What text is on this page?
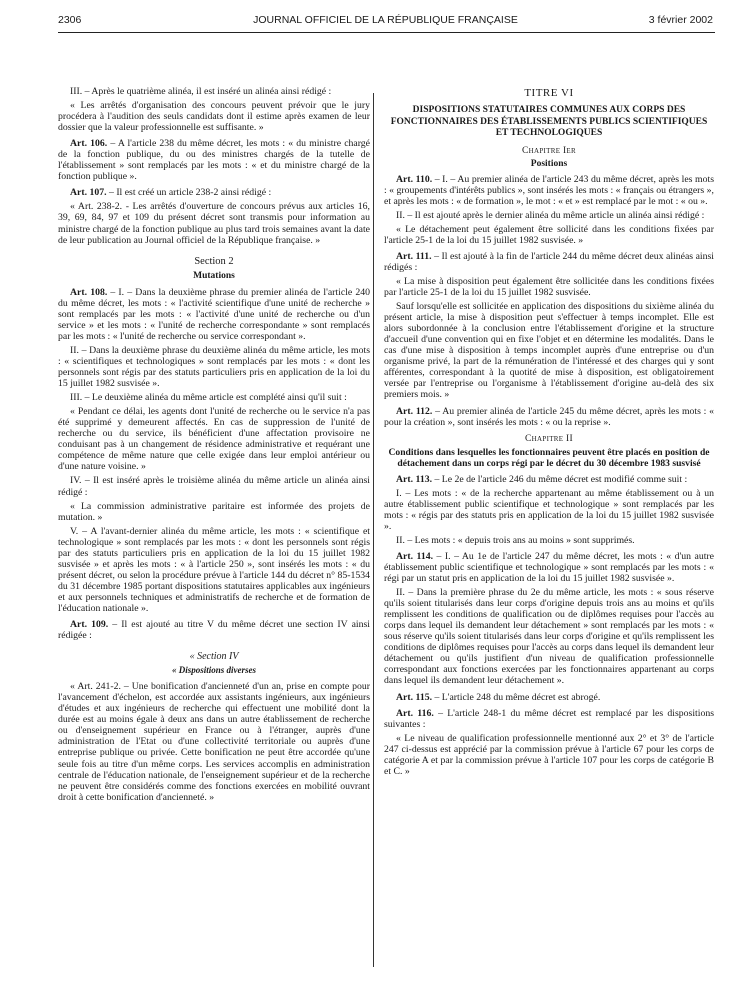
2306	JOURNAL OFFICIEL DE LA RÉPUBLIQUE FRANÇAISE	3 février 2002

III. – Après le quatrième alinéa, il est inséré un alinéa ainsi rédigé :

« Les arrêtés d'organisation des concours peuvent prévoir que le jury procédera à l'audition des seuls candidats dont il estime après examen de leur dossier que la valeur professionnelle est suffisante. »

Art. 106. – A l'article 238 du même décret, les mots : « du ministre chargé de la fonction publique, du ou des ministres chargés de la tutelle de l'établissement » sont remplacés par les mots : « et du ministre chargé de la fonction publique ».

Art. 107. – Il est créé un article 238-2 ainsi rédigé :

« Art. 238-2. - Les arrêtés d'ouverture de concours prévus aux articles 16, 39, 69, 84, 97 et 109 du présent décret sont transmis pour information au ministre chargé de la fonction publique au plus tard trois semaines avant la date de leur publication au Journal officiel de la République française. »

Section 2
Mutations

Art. 108. – I. – Dans la deuxième phrase du premier alinéa de l'article 240 du même décret, les mots : « l'activité scientifique d'une unité de recherche » sont remplacés par les mots : « l'activité d'une unité de recherche ou d'un service » et les mots : « l'unité de recherche correspondante » sont remplacés par les mots : « l'unité de recherche ou service correspondant ».

II. – Dans la deuxième phrase du deuxième alinéa du même article, les mots : « scientifiques et technologiques » sont remplacés par les mots : « dont les personnels sont régis par des statuts particuliers pris en application de la loi du 15 juillet 1982 susvisée ».

III. – Le deuxième alinéa du même article est complété ainsi qu'il suit :

« Pendant ce délai, les agents dont l'unité de recherche ou le service n'a pas été supprimé y demeurent affectés. En cas de suppression de l'unité de recherche ou du service, ils bénéficient d'une affectation provisoire ne conduisant pas à un changement de résidence administrative et requérant une compétence de même nature que celle exigée dans leur emploi antérieur ou d'une nature voisine. »

IV. – Il est inséré après le troisième alinéa du même article un alinéa ainsi rédigé :

« La commission administrative paritaire est informée des projets de mutation. »

V. – A l'avant-dernier alinéa du même article, les mots : « scientifique et technologique » sont remplacés par les mots : « dont les personnels sont régis par des statuts particuliers pris en application de la loi du 15 juillet 1982 susvisée » et après les mots : « à l'article 250 », sont insérés les mots : « du présent décret, ou selon la procédure prévue à l'article 144 du décret n° 85-1534 du 31 décembre 1985 portant dispositions statutaires applicables aux ingénieurs et aux personnels techniques et administratifs de recherche et de formation de l'éducation nationale ».

Art. 109. – Il est ajouté au titre V du même décret une section IV ainsi rédigée :

« Section IV
« Dispositions diverses

« Art. 241-2. – Une bonification d'ancienneté d'un an, prise en compte pour l'avancement d'échelon, est accordée aux assistants ingénieurs, aux ingénieurs d'études et aux ingénieurs de recherche qui effectuent une mobilité dont la durée est au moins égale à deux ans dans un autre établissement de recherche ou d'enseignement supérieur en France ou à l'étranger, auprès d'une administration de l'Etat ou d'une collectivité territoriale ou auprès d'une entreprise publique ou privée. Cette bonification ne peut être accordée qu'une seule fois au titre d'un même corps. Les services accomplis en administration centrale de l'éducation nationale, de l'enseignement supérieur et de la recherche ne peuvent être considérés comme des fonctions exercées en mobilité ouvrant droit à cette bonification d'ancienneté. »

TITRE VI
DISPOSITIONS STATUTAIRES COMMUNES AUX CORPS DES FONCTIONNAIRES DES ÉTABLISSEMENTS PUBLICS SCIENTIFIQUES ET TECHNOLOGIQUES
Chapitre Ier
Positions

Art. 110. – I. – Au premier alinéa de l'article 243 du même décret, après les mots : « groupements d'intérêts publics », sont insérés les mots : « français ou étrangers », et après les mots : « de formation », le mot : « et » est remplacé par le mot : « ou ».

II. – Il est ajouté après le dernier alinéa du même article un alinéa ainsi rédigé :

« Le détachement peut également être sollicité dans les conditions fixées par l'article 25-1 de la loi du 15 juillet 1982 susvisée. »

Art. 111. – Il est ajouté à la fin de l'article 244 du même décret deux alinéas ainsi rédigés :

« La mise à disposition peut également être sollicitée dans les conditions fixées par l'article 25-1 de la loi du 15 juillet 1982 susvisée.

Sauf lorsqu'elle est sollicitée en application des dispositions du sixième alinéa du présent article, la mise à disposition peut s'effectuer à temps incomplet. Elle est alors subordonnée à la conclusion entre l'établissement d'origine et la structure d'accueil d'une convention qui en fixe l'objet et en détermine les modalités. Dans le cas d'une mise à disposition à temps incomplet auprès d'une entreprise ou d'un organisme privé, la part de la rémunération de l'intéressé et des charges qui y sont afférentes, correspondant à la quotité de mise à disposition, est obligatoirement versée par l'entreprise ou l'organisme à l'établissement d'origine au-delà des six premiers mois. »

Art. 112. – Au premier alinéa de l'article 245 du même décret, après les mots : « pour la création », sont insérés les mots : « ou la reprise ».

Chapitre II
Conditions dans lesquelles les fonctionnaires peuvent être placés en position de détachement dans un corps régi par le décret du 30 décembre 1983 susvisé

Art. 113. – Le 2e de l'article 246 du même décret est modifié comme suit :

I. – Les mots : « de la recherche appartenant au même établissement ou à un autre établissement public scientifique et technologique » sont remplacés par les mots : « régis par des statuts pris en application de la loi du 15 juillet 1982 susvisée ».

II. – Les mots : « depuis trois ans au moins » sont supprimés.

Art. 114. – I. – Au 1e de l'article 247 du même décret, les mots : « d'un autre établissement public scientifique et technologique » sont remplacés par les mots : « régi par un statut pris en application de la loi du 15 juillet 1982 susvisée ».

II. – Dans la première phrase du 2e du même article, les mots : « sous réserve qu'ils soient titularisés dans leur corps d'origine depuis trois ans au moins et qu'ils remplissent les conditions de qualification ou de diplômes requises pour l'accès au corps dans lequel ils demandent leur détachement » sont remplacés par les mots : « sous réserve qu'ils soient titularisés dans leur corps d'origine et qu'ils remplissent les conditions de diplômes requises pour l'accès au corps dans lequel ils demandent leur détachement ou qu'ils justifient d'un niveau de qualification professionnelle correspondant aux fonctions exercées par les fonctionnaires appartenant au corps dans lequel ils demandent leur détachement ».

Art. 115. – L'article 248 du même décret est abrogé.

Art. 116. – L'article 248-1 du même décret est remplacé par les dispositions suivantes :

« Le niveau de qualification professionnelle mentionné aux 2° et 3° de l'article 247 ci-dessus est apprécié par la commission prévue à l'article 67 pour les corps de catégorie A et par la commission prévue à l'article 107 pour les corps de catégorie B et C. »
